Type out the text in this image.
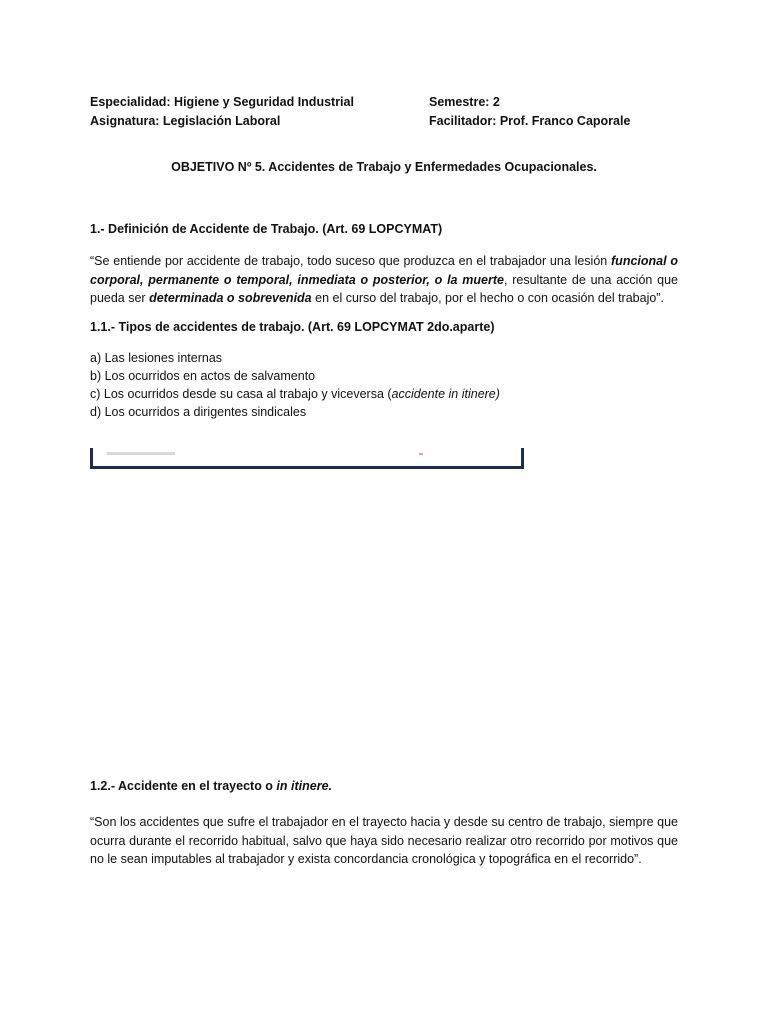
Especialidad: Higiene y Seguridad Industrial	Semestre: 2
Asignatura: Legislación Laboral	Facilitador: Prof. Franco Caporale
OBJETIVO Nº 5. Accidentes de Trabajo y Enfermedades Ocupacionales.
1.- Definición de Accidente de Trabajo. (Art. 69 LOPCYMAT)

“Se entiende por accidente de trabajo, todo suceso que produzca en el trabajador una lesión funcional o corporal, permanente o temporal, inmediata o posterior, o la muerte, resultante de una acción que pueda ser determinada o sobrevenida en el curso del trabajo, por el hecho o con ocasión del trabajo”.

1.1.- Tipos de accidentes de trabajo. (Art. 69 LOPCYMAT 2do.aparte)
a) Las lesiones internas
b) Los ocurridos en actos de salvamento
c) Los ocurridos desde su casa al trabajo y viceversa (accidente in itinere)
d) Los ocurridos a dirigentes sindicales
1.2.- Accidente en el trayecto o in itinere.

“Son los accidentes que sufre el trabajador en el trayecto hacia y desde su centro de trabajo, siempre que ocurra durante el recorrido habitual, salvo que haya sido necesario realizar otro recorrido por motivos que no le sean imputables al trabajador y exista concordancia cronológica y topográfica en el recorrido”.
